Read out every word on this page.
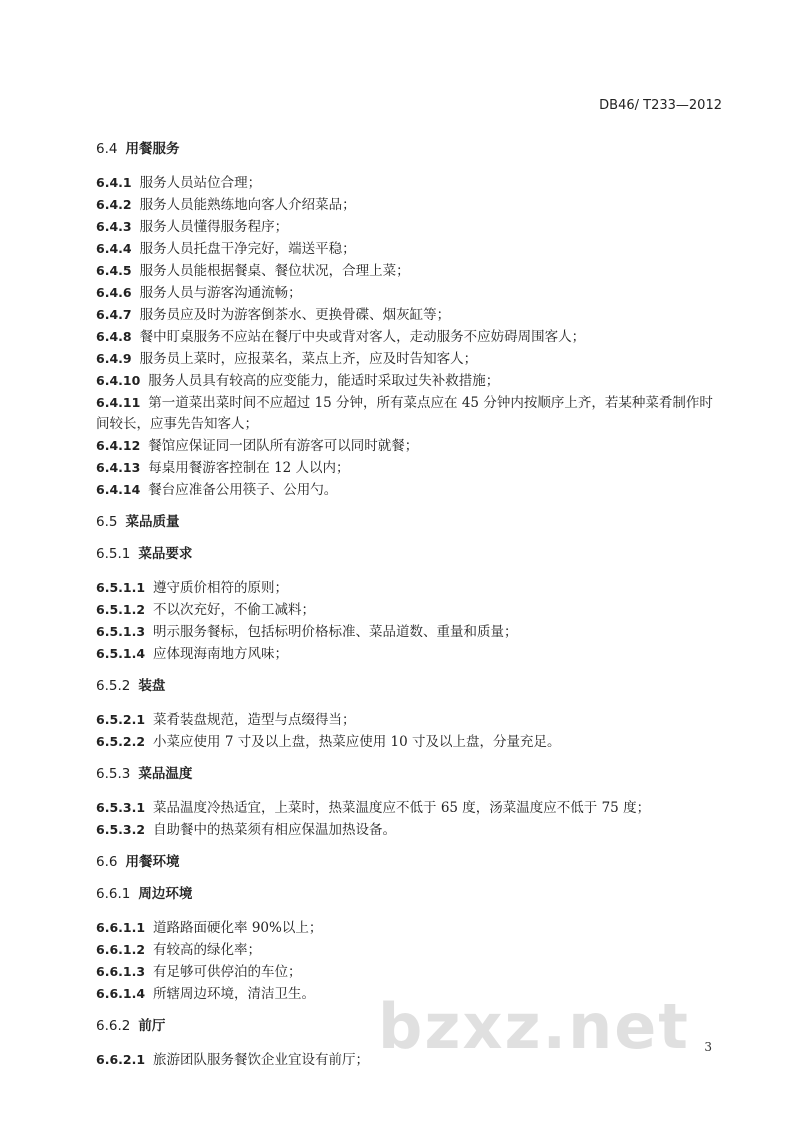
DB46/ T233—2012
6.4 用餐服务
6.4.1 服务人员站位合理；
6.4.2 服务人员能熟练地向客人介绍菜品；
6.4.3 服务人员懂得服务程序；
6.4.4 服务人员托盘干净完好，端送平稳；
6.4.5 服务人员能根据餐桌、餐位状况，合理上菜；
6.4.6 服务人员与游客沟通流畅；
6.4.7 服务员应及时为游客倒茶水、更换骨碟、烟灰缸等；
6.4.8 餐中盯桌服务不应站在餐厅中央或背对客人，走动服务不应妨碍周围客人；
6.4.9 服务员上菜时，应报菜名，菜点上齐，应及时告知客人；
6.4.10 服务人员具有较高的应变能力，能适时采取过失补救措施；
6.4.11 第一道菜出菜时间不应超过 15 分钟，所有菜点应在 45 分钟内按顺序上齐，若某种菜肴制作时间较长，应事先告知客人；
6.4.12 餐馆应保证同一团队所有游客可以同时就餐；
6.4.13 每桌用餐游客控制在 12 人以内；
6.4.14 餐台应准备公用筷子、公用勺。
6.5 菜品质量
6.5.1 菜品要求
6.5.1.1 遵守质价相符的原则；
6.5.1.2 不以次充好，不偷工减料；
6.5.1.3 明示服务餐标，包括标明价格标准、菜品道数、重量和质量；
6.5.1.4 应体现海南地方风味；
6.5.2 装盘
6.5.2.1 菜肴装盘规范，造型与点缀得当；
6.5.2.2 小菜应使用 7 寸及以上盘，热菜应使用 10 寸及以上盘，分量充足。
6.5.3 菜品温度
6.5.3.1 菜品温度冷热适宜，上菜时，热菜温度应不低于 65 度，汤菜温度应不低于 75 度；
6.5.3.2 自助餐中的热菜须有相应保温加热设备。
6.6 用餐环境
6.6.1 周边环境
6.6.1.1 道路路面硬化率 90%以上；
6.6.1.2 有较高的绿化率；
6.6.1.3 有足够可供停泊的车位；
6.6.1.4 所辖周边环境，清洁卫生。
6.6.2 前厅
6.6.2.1 旅游团队服务餐饮企业宜设有前厅； bzxz.net 3
